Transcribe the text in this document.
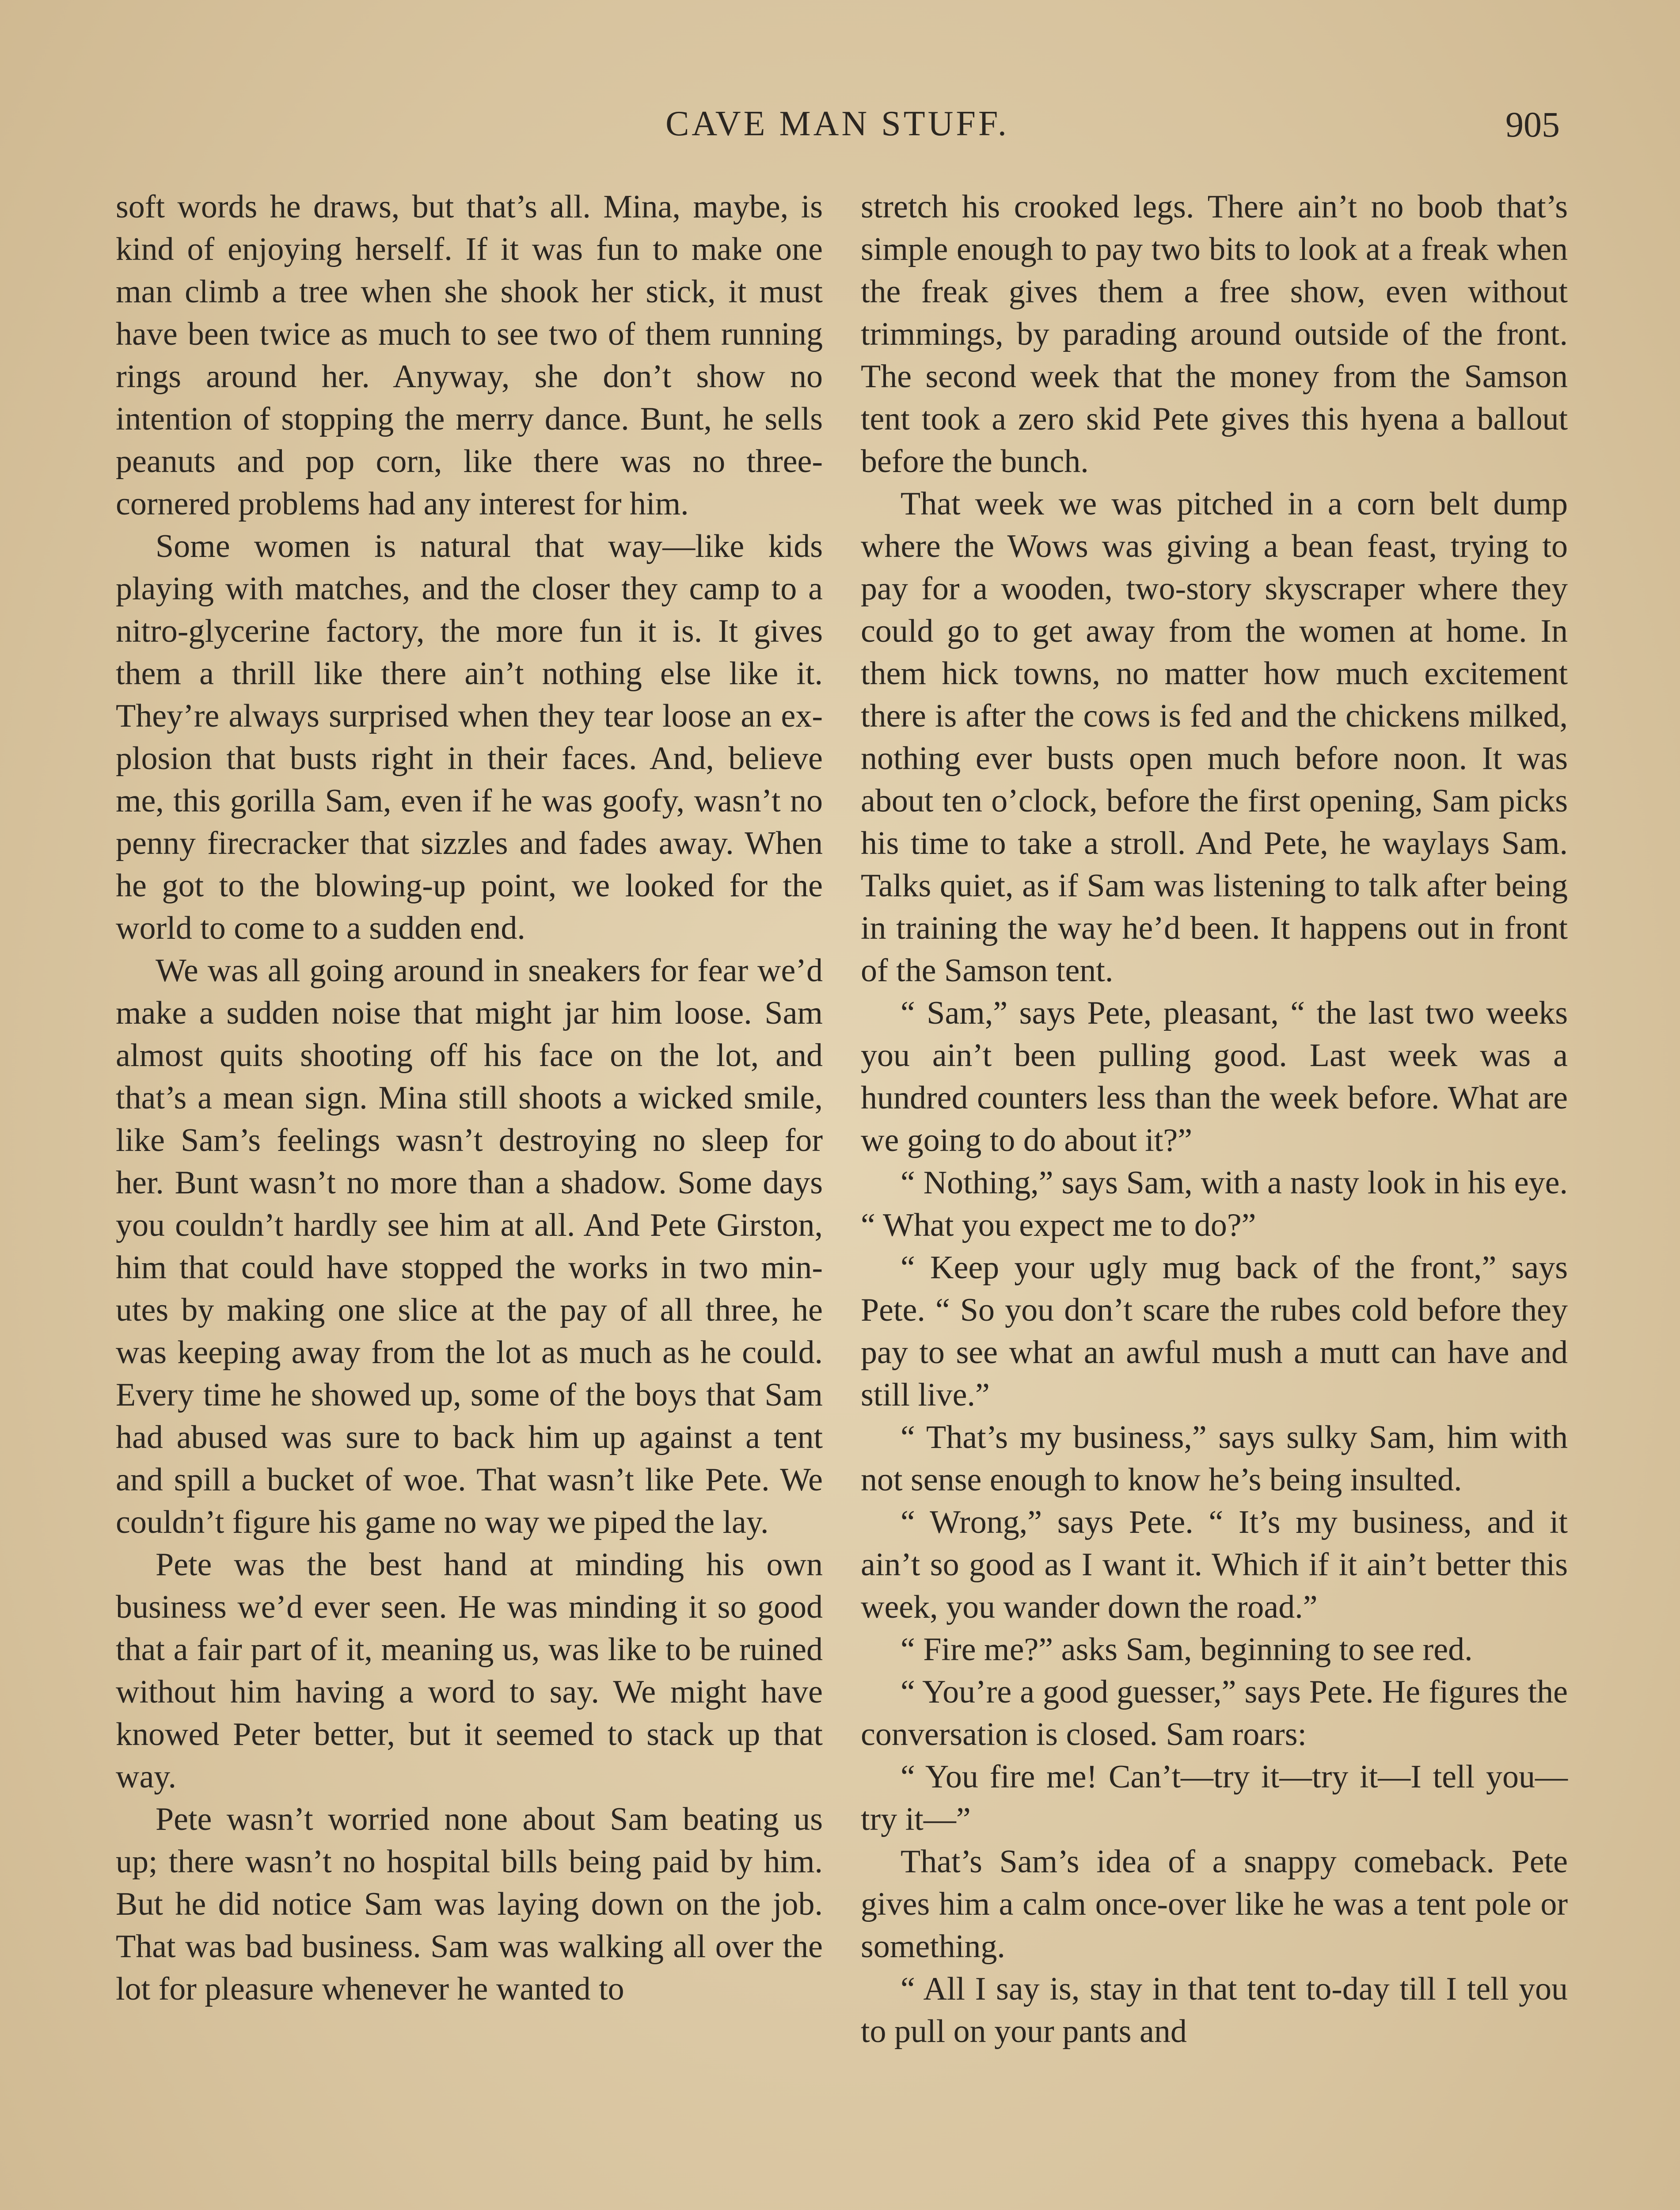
CAVE MAN STUFF.	905

soft words he draws, but that’s all. Mina, maybe, is kind of enjoying herself. If it was fun to make one man climb a tree when she shook her stick, it must have been twice as much to see two of them running rings around her. Anyway, she don’t show no intention of stopping the merry dance. Bunt, he sells peanuts and pop corn, like there was no three-cornered problems had any interest for him.

Some women is natural that way—like kids playing with matches, and the closer they camp to a nitro-glycerine factory, the more fun it is. It gives them a thrill like there ain’t nothing else like it. They’re always surprised when they tear loose an explosion that busts right in their faces. And, believe me, this gorilla Sam, even if he was goofy, wasn’t no penny firecracker that sizzles and fades away. When he got to the blowing-up point, we looked for the world to come to a sudden end.

We was all going around in sneakers for fear we’d make a sudden noise that might jar him loose. Sam almost quits shooting off his face on the lot, and that’s a mean sign. Mina still shoots a wicked smile, like Sam’s feelings wasn’t destroying no sleep for her. Bunt wasn’t no more than a shadow. Some days you couldn’t hardly see him at all. And Pete Girston, him that could have stopped the works in two minutes by making one slice at the pay of all three, he was keeping away from the lot as much as he could. Every time he showed up, some of the boys that Sam had abused was sure to back him up against a tent and spill a bucket of woe. That wasn’t like Pete. We couldn’t figure his game no way we piped the lay.

Pete was the best hand at minding his own business we’d ever seen. He was minding it so good that a fair part of it, meaning us, was like to be ruined without him having a word to say. We might have knowed Peter better, but it seemed to stack up that way.

Pete wasn’t worried none about Sam beating us up; there wasn’t no hospital bills being paid by him. But he did notice Sam was laying down on the job. That was bad business. Sam was walking all over the lot for pleasure whenever he wanted to

stretch his crooked legs. There ain’t no boob that’s simple enough to pay two bits to look at a freak when the freak gives them a free show, even without trimmings, by parading around outside of the front. The second week that the money from the Samson tent took a zero skid Pete gives this hyena a ballout before the bunch.

That week we was pitched in a corn belt dump where the Wows was giving a bean feast, trying to pay for a wooden, two-story skyscraper where they could go to get away from the women at home. In them hick towns, no matter how much excitement there is after the cows is fed and the chickens milked, nothing ever busts open much before noon. It was about ten o’clock, before the first opening, Sam picks his time to take a stroll. And Pete, he waylays Sam. Talks quiet, as if Sam was listening to talk after being in training the way he’d been. It happens out in front of the Samson tent.

“ Sam,” says Pete, pleasant, “ the last two weeks you ain’t been pulling good. Last week was a hundred counters less than the week before. What are we going to do about it?”

“ Nothing,” says Sam, with a nasty look in his eye. “ What you expect me to do?”

“ Keep your ugly mug back of the front,” says Pete. “ So you don’t scare the rubes cold before they pay to see what an awful mush a mutt can have and still live.”

“ That’s my business,” says sulky Sam, him with not sense enough to know he’s being insulted.

“ Wrong,” says Pete. “ It’s my business, and it ain’t so good as I want it. Which if it ain’t better this week, you wander down the road.”

“ Fire me?” asks Sam, beginning to see red.

“ You’re a good guesser,” says Pete. He figures the conversation is closed. Sam roars:

“ You fire me! Can’t—try it—try it—I tell you—try it—”

That’s Sam’s idea of a snappy comeback. Pete gives him a calm once-over like he was a tent pole or something.

“ All I say is, stay in that tent to-day till I tell you to pull on your pants and
